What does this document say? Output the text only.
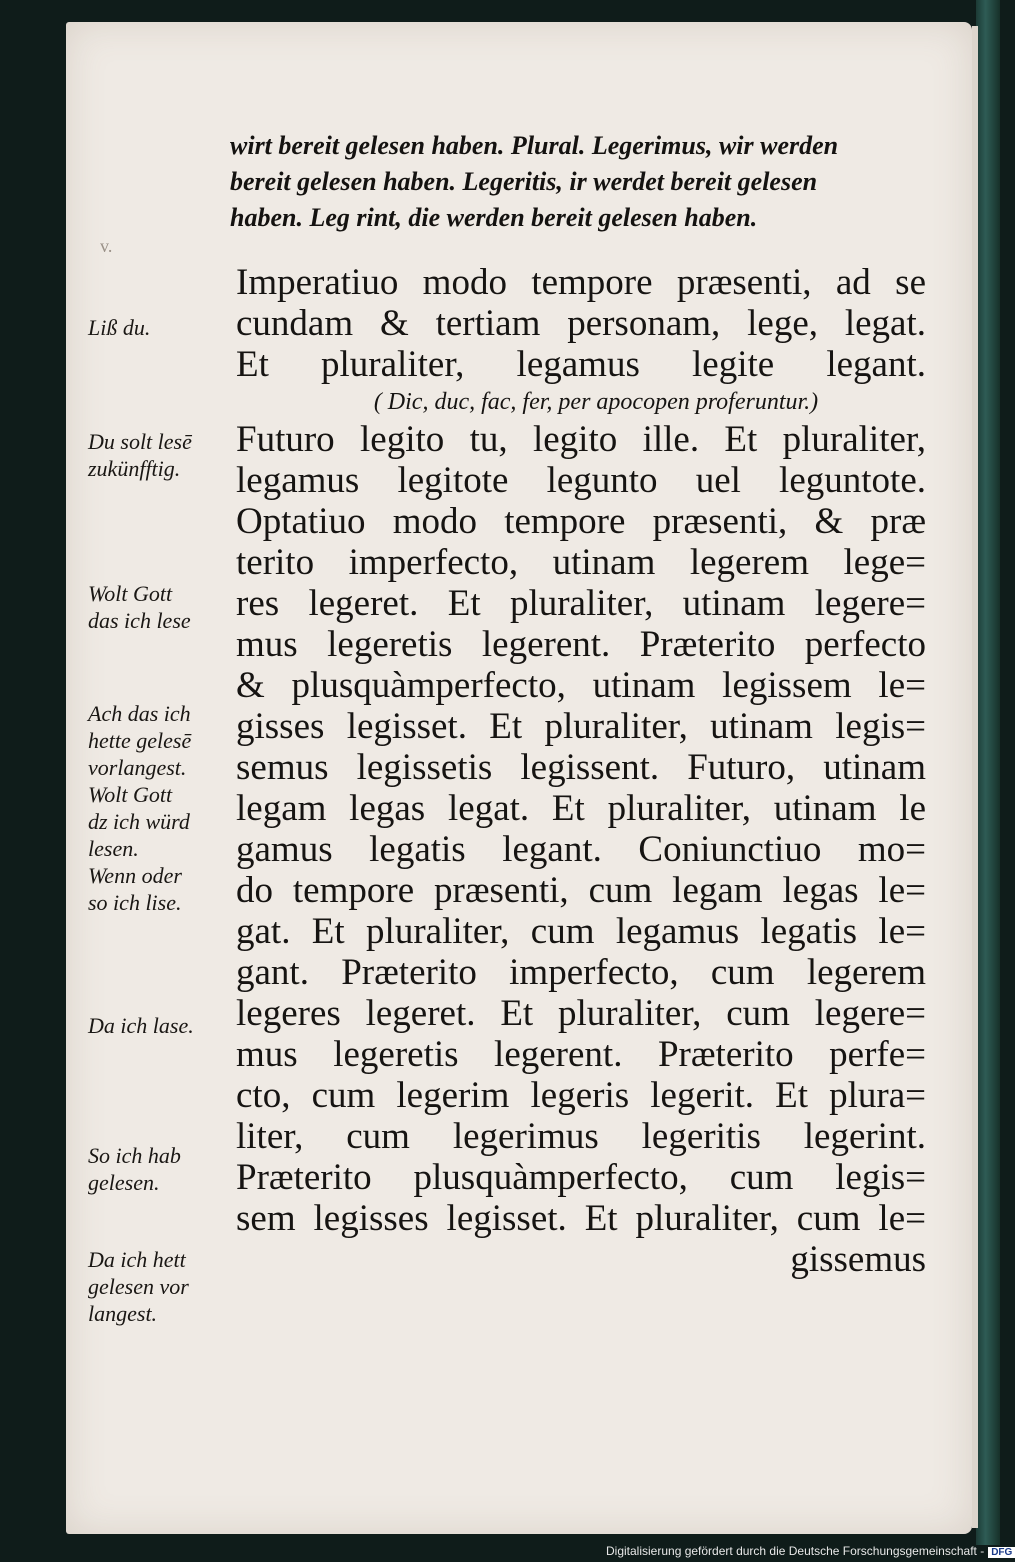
wirt bereit gelesen haben. Plural. Legerimus, wir werden
bereit gelesen haben. Legeritis, ir werdet bereit gelesen
haben. Leg rint, die werden bereit gelesen haben.
v.
Imperatiuo modo tempore præsenti, ad se
cundam & tertiam personam, lege, legat.
Et pluraliter, legamus legite legant.
( Dic, duc, fac, fer, per apocopen proferuntur.)
Futuro legito tu, legito ille. Et pluraliter,
legamus legitote legunto uel leguntote.
Optatiuo modo tempore præsenti, & præ
terito imperfecto, utinam legerem lege=
res legeret. Et pluraliter, utinam legere=
mus legeretis legerent. Præterito perfecto
& plusquàmperfecto, utinam legissem le=
gisses legisset. Et pluraliter, utinam legis=
semus legissetis legissent. Futuro, utinam
legam legas legat. Et pluraliter, utinam le
gamus legatis legant. Coniunctiuo mo=
do tempore præsenti, cum legam legas le=
gat. Et pluraliter, cum legamus legatis le=
gant. Præterito imperfecto, cum legerem
legeres legeret. Et pluraliter, cum legere=
mus legeretis legerent. Præterito perfe=
cto, cum legerim legeris legerit. Et plura=
liter, cum legerimus legeritis legerint.
Præterito plusquàmperfecto, cum legis=
sem legisses legisset. Et pluraliter, cum le=
gissemus
Liß du.
Du solt lesē
zukünfftig.
Wolt Gott
das ich lese
Ach das ich
hette gelesē
vorlangest.
Wolt Gott
dz ich würd
lesen.
Wenn oder
so ich lise.
Da ich lase.
So ich hab
gelesen.
Da ich hett
gelesen vor
langest.
Digitalisierung gefördert durch die Deutsche Forschungsgemeinschaft - DFG
